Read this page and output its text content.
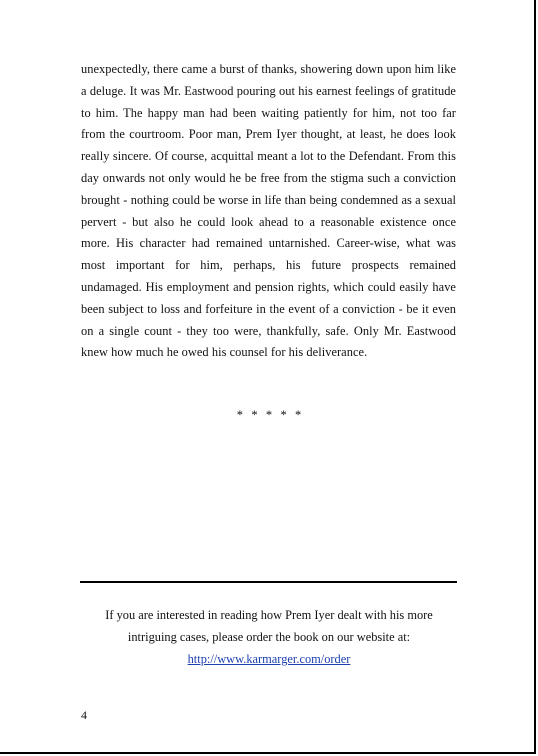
unexpectedly, there came a burst of thanks, showering down upon him like a deluge. It was Mr. Eastwood pouring out his earnest feelings of gratitude to him. The happy man had been waiting patiently for him, not too far from the courtroom. Poor man, Prem Iyer thought, at least, he does look really sincere. Of course, acquittal meant a lot to the Defendant. From this day onwards not only would he be free from the stigma such a conviction brought - nothing could be worse in life than being condemned as a sexual pervert - but also he could look ahead to a reasonable existence once more. His character had remained untarnished. Career-wise, what was most important for him, perhaps, his future prospects remained undamaged. His employment and pension rights, which could easily have been subject to loss and forfeiture in the event of a conviction - be it even on a single count - they too were, thankfully, safe. Only Mr. Eastwood knew how much he owed his counsel for his deliverance.

* * * * *

If you are interested in reading how Prem Iyer dealt with his more

intriguing cases, please order the book on our website at:

http://www.karmarger.com/order

4
